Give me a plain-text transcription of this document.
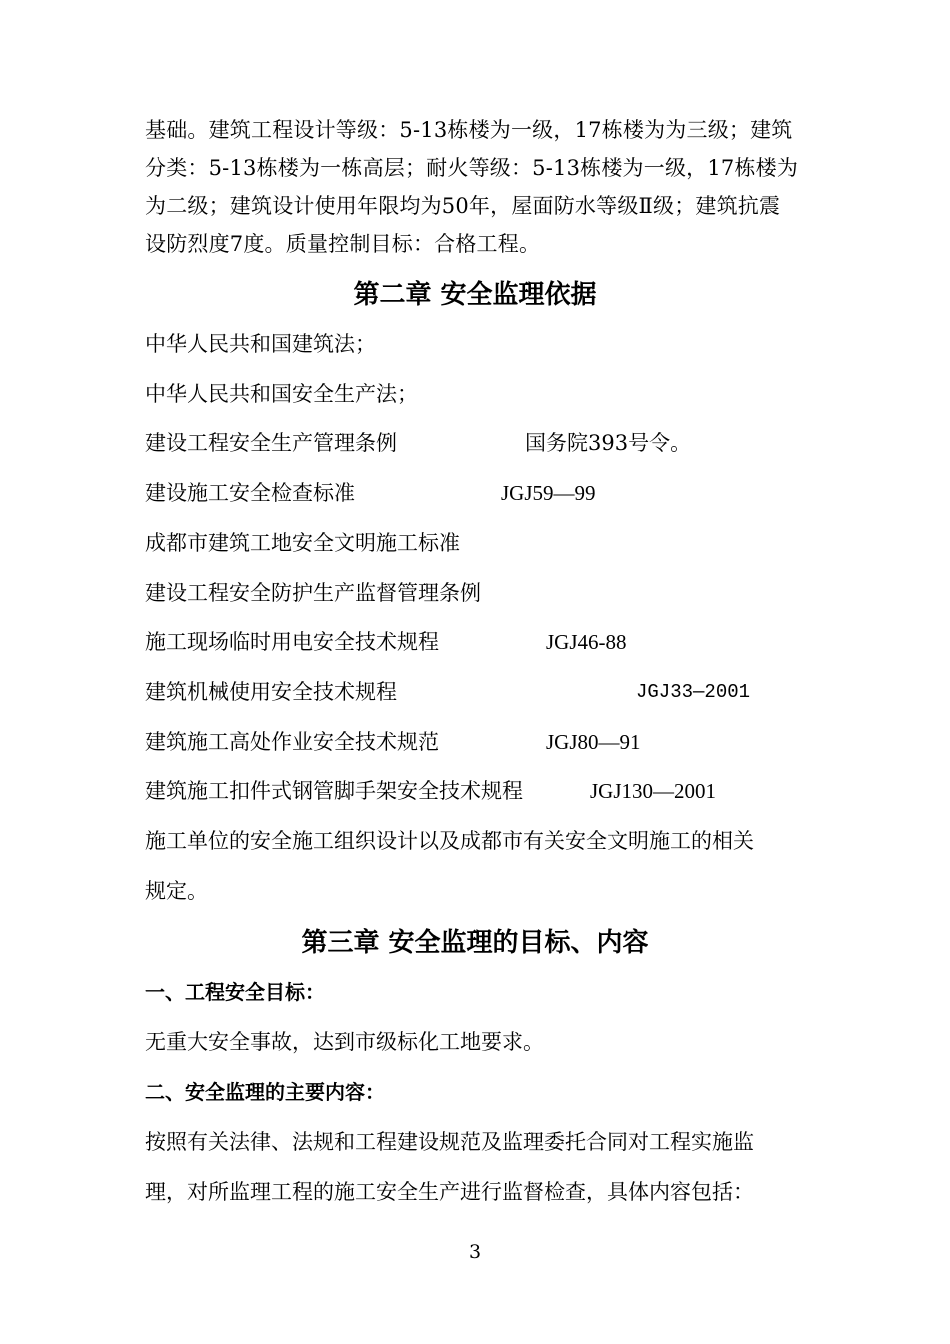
基础。建筑工程设计等级：5-13栋楼为一级，17栋楼为为三级；建筑
分类：5-13栋楼为一栋高层；耐火等级：5-13栋楼为一级，17栋楼为
为二级；建筑设计使用年限均为50年，屋面防水等级Ⅱ级；建筑抗震
设防烈度7度。质量控制目标：合格工程。
第二章 安全监理依据
中华人民共和国建筑法；
中华人民共和国安全生产法；
建设工程安全生产管理条例	国务院393号令。
建设施工安全检查标准	JGJ59—99
成都市建筑工地安全文明施工标准
建设工程安全防护生产监督管理条例
施工现场临时用电安全技术规程	JGJ46-88
建筑机械使用安全技术规程	JGJ33—2001
建筑施工高处作业安全技术规范	JGJ80—91
建筑施工扣件式钢管脚手架安全技术规程	JGJ130—2001
施工单位的安全施工组织设计以及成都市有关安全文明施工的相关
规定。
第三章 安全监理的目标、内容
一、工程安全目标：
无重大安全事故，达到市级标化工地要求。
二、安全监理的主要内容：
按照有关法律、法规和工程建设规范及监理委托合同对工程实施监
理，对所监理工程的施工安全生产进行监督检查，具体内容包括：
3
